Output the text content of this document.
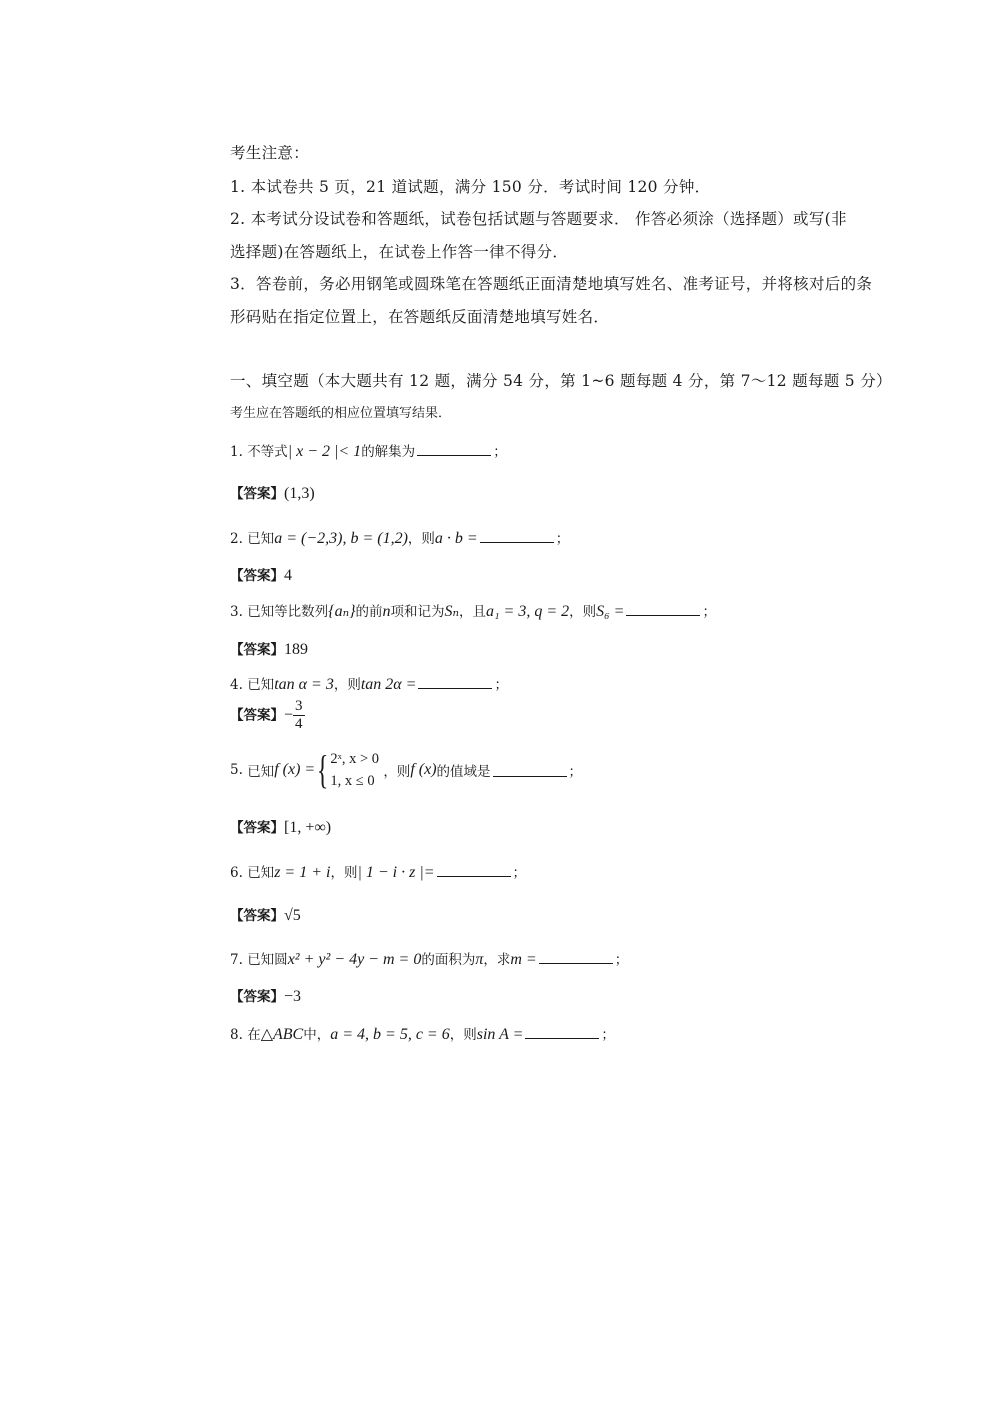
考生注意：
1. 本试卷共 5 页，21 道试题，满分 150 分．考试时间 120 分钟．
2. 本考试分设试卷和答题纸，试卷包括试题与答题要求． 作答必须涂（选择题）或写(非
选择题)在答题纸上，在试卷上作答一律不得分．
3．答卷前，务必用钢笔或圆珠笔在答题纸正面清楚地填写姓名、准考证号，并将核对后的条
形码贴在指定位置上，在答题纸反面清楚地填写姓名．
一、填空题（本大题共有 12 题，满分 54 分，第 1~6 题每题 4 分，第 7～12 题每题 5 分）
考生应在答题纸的相应位置填写结果．
1. 不等式| x − 2 |< 1的解集为	；
【答案】(1,3)
2. 已知a = (−2,3), b = (1,2)，则a · b =	；
【答案】4
3. 已知等比数列{aₙ}的前n项和记为Sₙ，且a₁ = 3, q = 2，则S₆ =	；
【答案】189
4. 已知tan α = 3，则tan 2α =	；
【答案】− $\frac{3}{4}$
5.
已知 f (x) = { 2ˣ, x > 0
1, x ≤ 0

，则 f (x) 的值域是	；
【答案】[1, +∞)
6. 已知z = 1 + i，则| 1 − i · z |=	；
【答案】√5
7. 已知圆x² + y² − 4y − m = 0的面积为π，求m =	；
【答案】−3
8. 在△ABC中，a = 4, b = 5, c = 6，则sin A =	；
